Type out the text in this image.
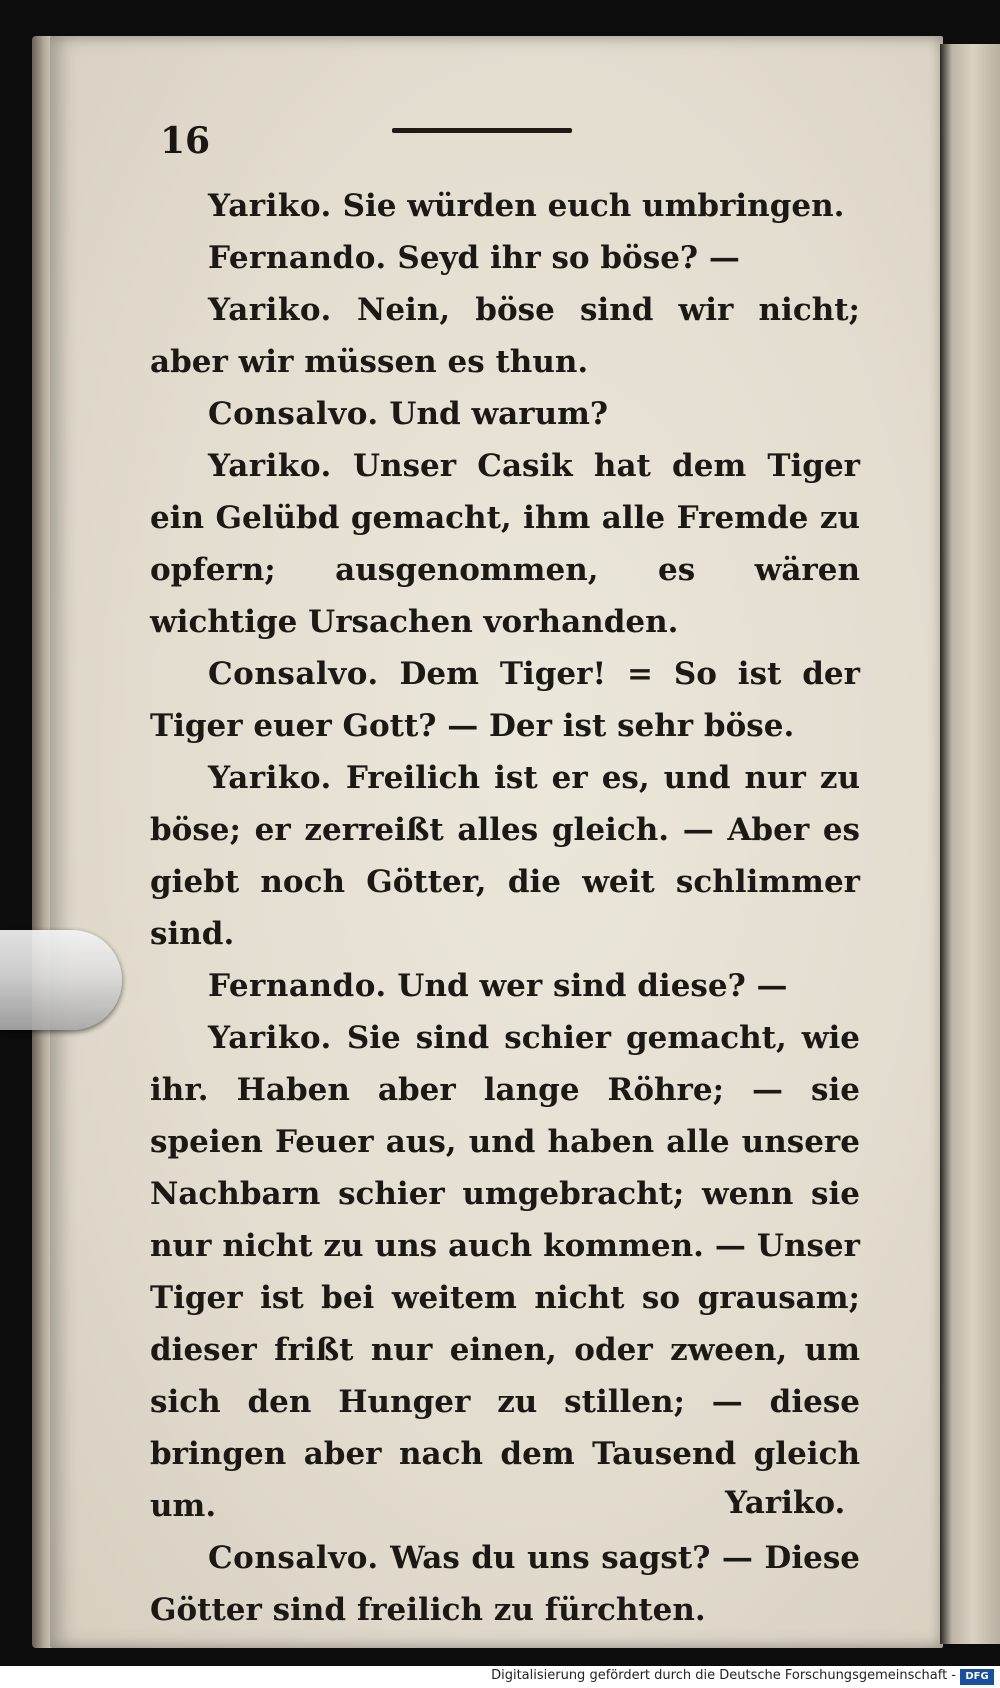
16

Yariko. Sie würden euch umbringen.

Fernando. Seyd ihr so böse? —

Yariko. Nein, böse sind wir nicht; aber wir müssen es thun.

Consalvo. Und warum?

Yariko. Unser Casik hat dem Tiger ein Gelübd gemacht, ihm alle Fremde zu opfern; ausgenommen, es wären wichtige Ursachen vorhanden.

Consalvo. Dem Tiger! = So ist der Tiger euer Gott? — Der ist sehr böse.

Yariko. Freilich ist er es, und nur zu böse; er zerreißt alles gleich. — Aber es giebt noch Götter, die weit schlimmer sind.

Fernando. Und wer sind diese? —

Yariko. Sie sind schier gemacht, wie ihr. Haben aber lange Röhre; — sie speien Feuer aus, und haben alle unsere Nachbarn schier umgebracht; wenn sie nur nicht zu uns auch kommen. — Unser Tiger ist bei weitem nicht so grausam; dieser frißt nur einen, oder zween, um sich den Hunger zu stillen; — diese bringen aber nach dem Tausend gleich um.

Consalvo. Was du uns sagst? — Diese Götter sind freilich zu fürchten.

Yariko.
Digitalisierung gefördert durch die Deutsche Forschungsgemeinschaft - DFG
